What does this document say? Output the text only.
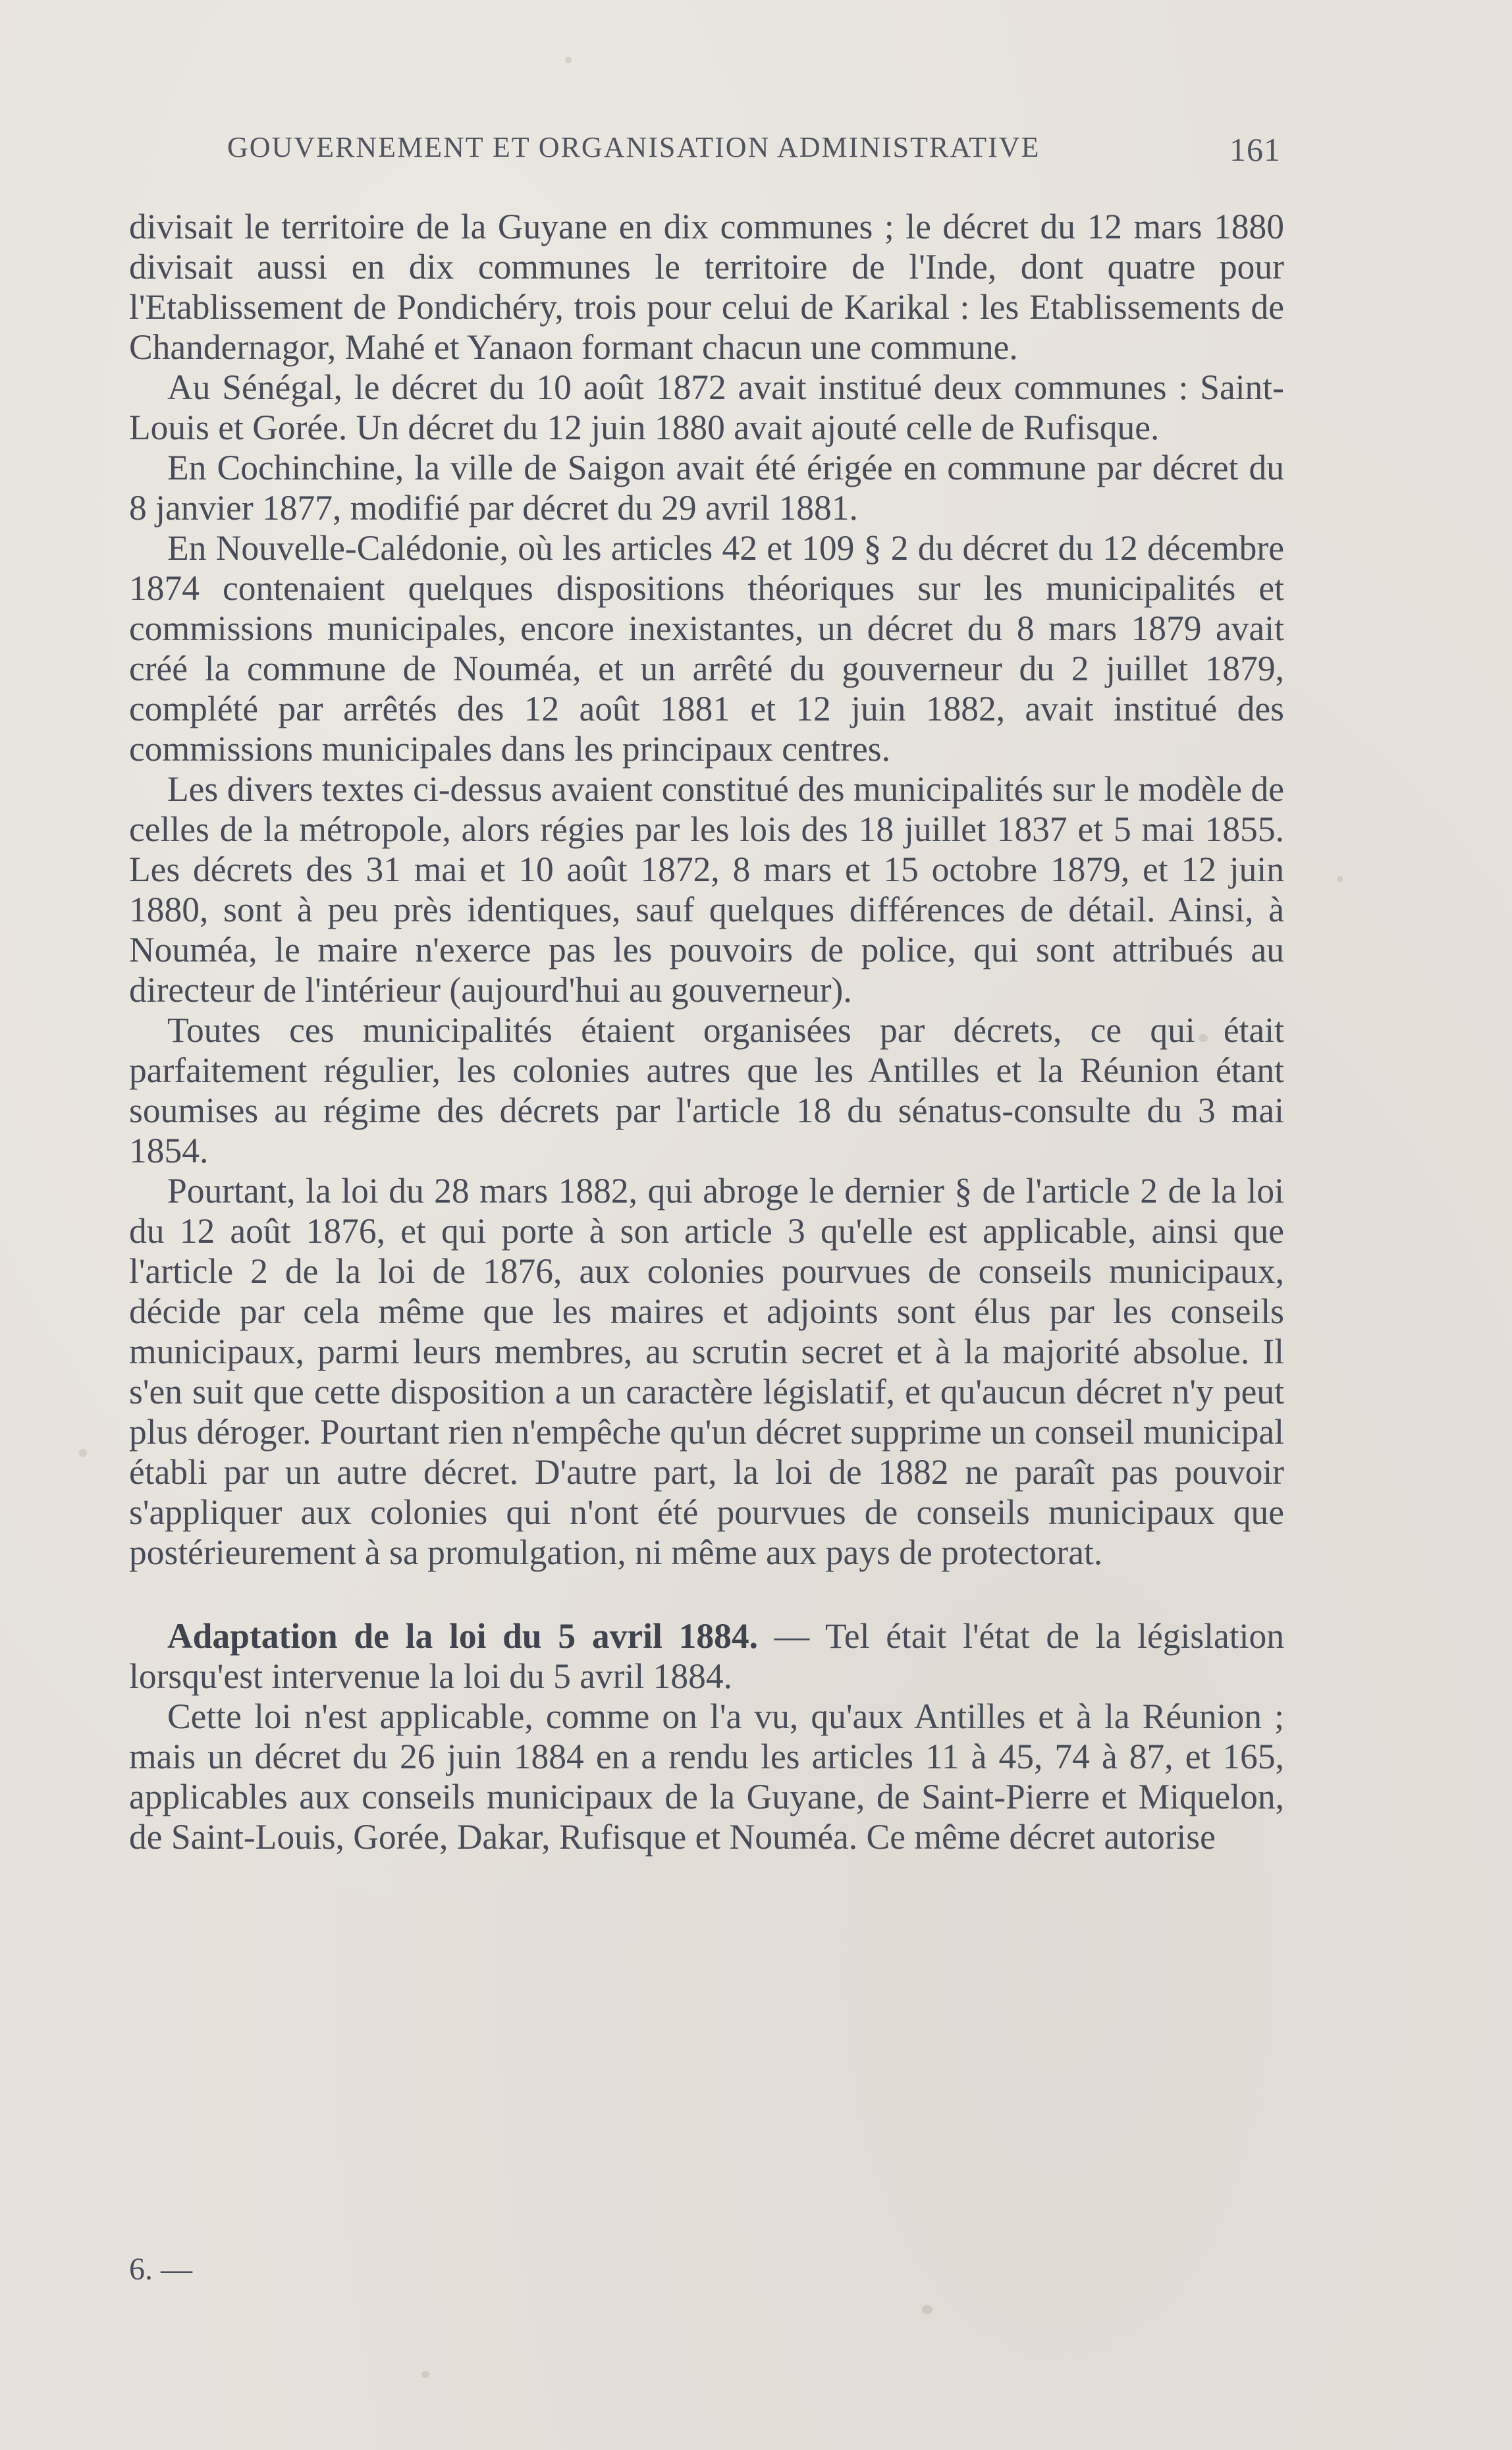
GOUVERNEMENT ET ORGANISATION ADMINISTRATIVE	161

divisait le territoire de la Guyane en dix communes ; le décret du 12 mars 1880 divisait aussi en dix communes le territoire de l'Inde, dont quatre pour l'Etablissement de Pondichéry, trois pour celui de Karikal : les Etablissements de Chandernagor, Mahé et Yanaon formant chacun une commune.

Au Sénégal, le décret du 10 août 1872 avait institué deux communes : Saint-Louis et Gorée. Un décret du 12 juin 1880 avait ajouté celle de Rufisque.

En Cochinchine, la ville de Saigon avait été érigée en commune par décret du 8 janvier 1877, modifié par décret du 29 avril 1881.

En Nouvelle-Calédonie, où les articles 42 et 109 § 2 du décret du 12 décembre 1874 contenaient quelques dispositions théoriques sur les municipalités et commissions municipales, encore inexistantes, un décret du 8 mars 1879 avait créé la commune de Nouméa, et un arrêté du gouverneur du 2 juillet 1879, complété par arrêtés des 12 août 1881 et 12 juin 1882, avait institué des commissions municipales dans les principaux centres.

Les divers textes ci-dessus avaient constitué des municipalités sur le modèle de celles de la métropole, alors régies par les lois des 18 juillet 1837 et 5 mai 1855. Les décrets des 31 mai et 10 août 1872, 8 mars et 15 octobre 1879, et 12 juin 1880, sont à peu près identiques, sauf quelques différences de détail. Ainsi, à Nouméa, le maire n'exerce pas les pouvoirs de police, qui sont attribués au directeur de l'intérieur (aujourd'hui au gouverneur).

Toutes ces municipalités étaient organisées par décrets, ce qui était parfaitement régulier, les colonies autres que les Antilles et la Réunion étant soumises au régime des décrets par l'article 18 du sénatus-consulte du 3 mai 1854.

Pourtant, la loi du 28 mars 1882, qui abroge le dernier § de l'article 2 de la loi du 12 août 1876, et qui porte à son article 3 qu'elle est applicable, ainsi que l'article 2 de la loi de 1876, aux colonies pourvues de conseils municipaux, décide par cela même que les maires et adjoints sont élus par les conseils municipaux, parmi leurs membres, au scrutin secret et à la majorité absolue. Il s'en suit que cette disposition a un caractère législatif, et qu'aucun décret n'y peut plus déroger. Pourtant rien n'empêche qu'un décret supprime un conseil municipal établi par un autre décret. D'autre part, la loi de 1882 ne paraît pas pouvoir s'appliquer aux colonies qui n'ont été pourvues de conseils municipaux que postérieurement à sa promulgation, ni même aux pays de protectorat.

Adaptation de la loi du 5 avril 1884. — Tel était l'état de la législation lorsqu'est intervenue la loi du 5 avril 1884.

Cette loi n'est applicable, comme on l'a vu, qu'aux Antilles et à la Réunion ; mais un décret du 26 juin 1884 en a rendu les articles 11 à 45, 74 à 87, et 165, applicables aux conseils municipaux de la Guyane, de Saint-Pierre et Miquelon, de Saint-Louis, Gorée, Dakar, Rufisque et Nouméa. Ce même décret autorise

6. —
